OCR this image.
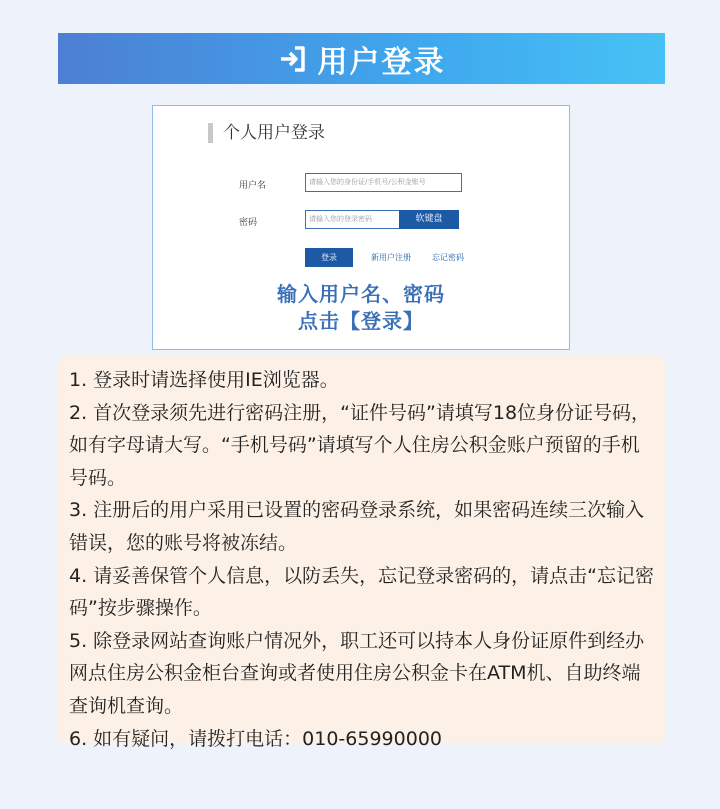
用户登录
个人用户登录
用户名	请输入您的身份证/手机号/公积金账号
密码	请输入您的登录密码	软键盘
登录	新用户注册	忘记密码
输入用户名、密码
点击【登录】

1. 登录时请选择使用IE浏览器。

2. 首次登录须先进行密码注册，“证件号码”请填写18位身份证号码，如有字母请大写。“手机号码”请填写个人住房公积金账户预留的手机号码。

3. 注册后的用户采用已设置的密码登录系统，如果密码连续三次输入错误，您的账号将被冻结。

4. 请妥善保管个人信息，以防丢失，忘记登录密码的，请点击“忘记密码”按步骤操作。

5. 除登录网站查询账户情况外，职工还可以持本人身份证原件到经办网点住房公积金柜台查询或者使用住房公积金卡在ATM机、自助终端查询机查询。

6. 如有疑问，请拨打电话：010-65990000
